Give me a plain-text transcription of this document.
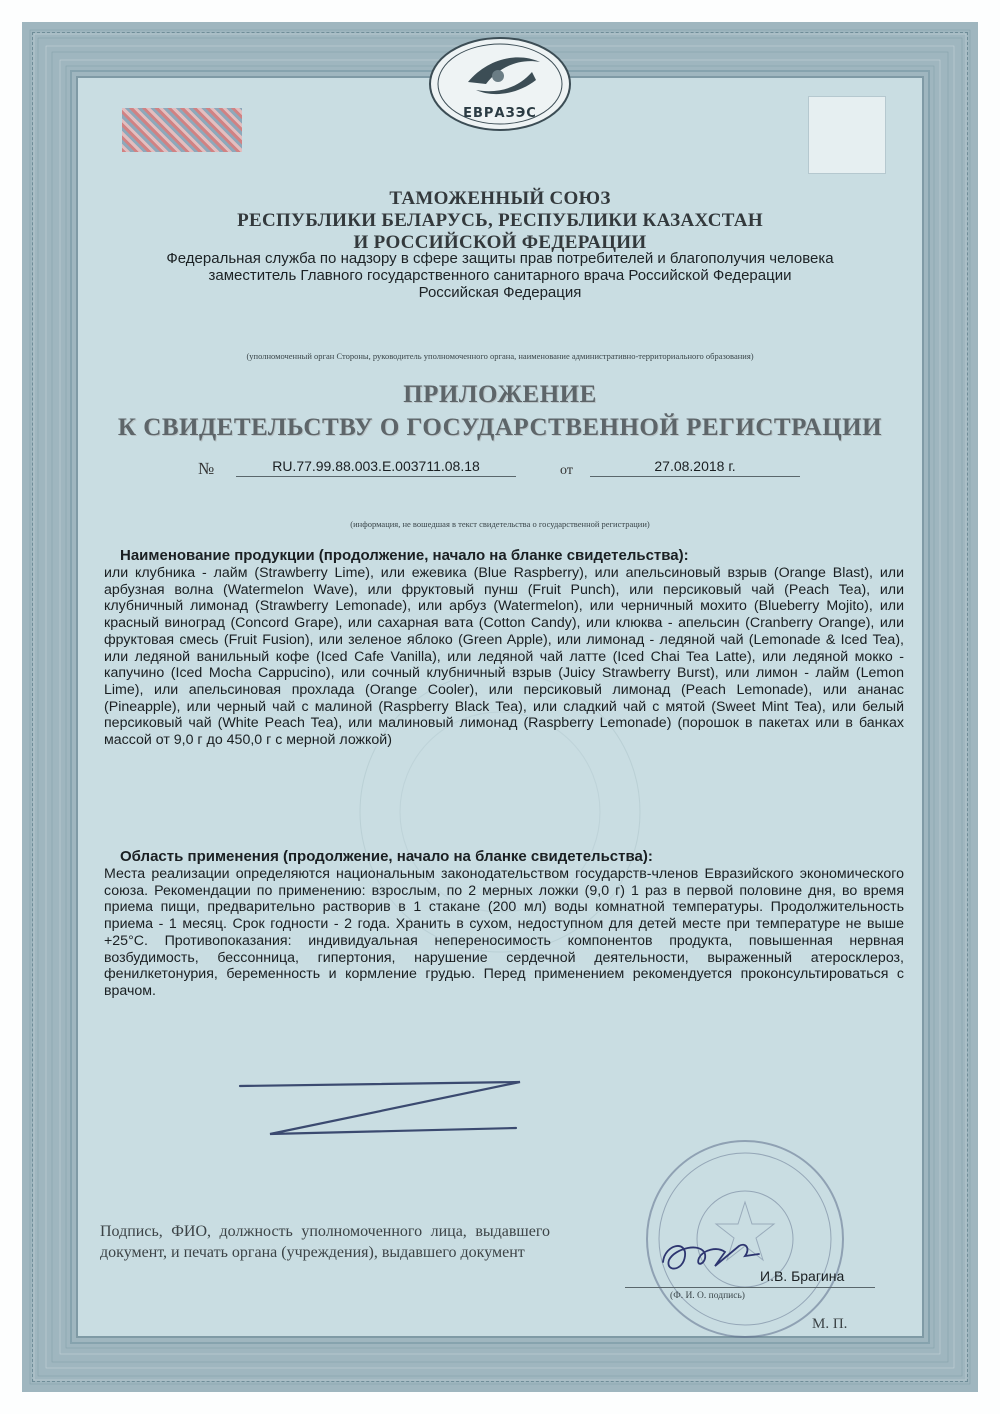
ЕВРАЗЭС
ТАМОЖЕННЫЙ СОЮЗ
РЕСПУБЛИКИ БЕЛАРУСЬ, РЕСПУБЛИКИ КАЗАХСТАН
И РОССИЙСКОЙ ФЕДЕРАЦИИ
Федеральная служба по надзору в сфере защиты прав потребителей и благополучия человека
заместитель Главного государственного санитарного врача Российской Федерации
Российская Федерация
(уполномоченный орган Стороны, руководитель уполномоченного органа, наименование административно-территориального образования)
ПРИЛОЖЕНИЕ
К СВИДЕТЕЛЬСТВУ О ГОСУДАРСТВЕННОЙ РЕГИСТРАЦИИ
№	RU.77.99.88.003.E.003711.08.18	от	27.08.2018 г.
(информация, не вошедшая в текст свидетельства о государственной регистрации)
Наименование продукции (продолжение, начало на бланке свидетельства):

или клубника - лайм (Strawberry Lime), или ежевика (Blue Raspberry), или апельсиновый взрыв (Orange Blast), или арбузная волна (Watermelon Wave), или фруктовый пунш (Fruit Punch), или персиковый чай (Peach Tea), или клубничный лимонад (Strawberry Lemonade), или арбуз (Watermelon), или черничный мохито (Blueberry Mojito), или красный виноград (Concord Grape), или сахарная вата (Cotton Candy), или клюква - апельсин (Cranberry Orange), или фруктовая смесь (Fruit Fusion), или зеленое яблоко (Green Apple), или лимонад - ледяной чай (Lemonade & Iced Tea), или ледяной ванильный кофе (Iced Cafe Vanilla), или ледяной чай латте (Iced Chai Tea Latte), или ледяной мокко - капучино (Iced Mocha Cappucino), или сочный клубничный взрыв (Juicy Strawberry Burst), или лимон - лайм (Lemon Lime), или апельсиновая прохлада (Orange Cooler), или персиковый лимонад (Peach Lemonade), или ананас (Pineapple), или черный чай с малиной (Raspberry Black Tea), или сладкий чай с мятой (Sweet Mint Tea), или белый персиковый чай (White Peach Tea), или малиновый лимонад (Raspberry Lemonade) (порошок в пакетах или в банках массой от 9,0 г до 450,0 г с мерной ложкой)

Область применения (продолжение, начало на бланке свидетельства):

Места реализации определяются национальным законодательством государств-членов Евразийского экономического союза. Рекомендации по применению: взрослым, по 2 мерных ложки (9,0 г) 1 раз в первой половине дня, во время приема пищи, предварительно растворив в 1 стакане (200 мл) воды комнатной температуры. Продолжительность приема - 1 месяц. Срок годности - 2 года. Хранить в сухом, недоступном для детей месте при температуре не выше +25°С. Противопоказания: индивидуальная непереносимость компонентов продукта, повышенная нервная возбудимость, бессонница, гипертония, нарушение сердечной деятельности, выраженный атеросклероз, фенилкетонурия, беременность и кормление грудью. Перед применением рекомендуется проконсультироваться с врачом.

Подпись, ФИО, должность уполномоченного лица, выдавшего документ, и печать органа (учреждения), выдавшего документ
И.В. Брагина
(Ф. И. О. подпись)
М. П.
